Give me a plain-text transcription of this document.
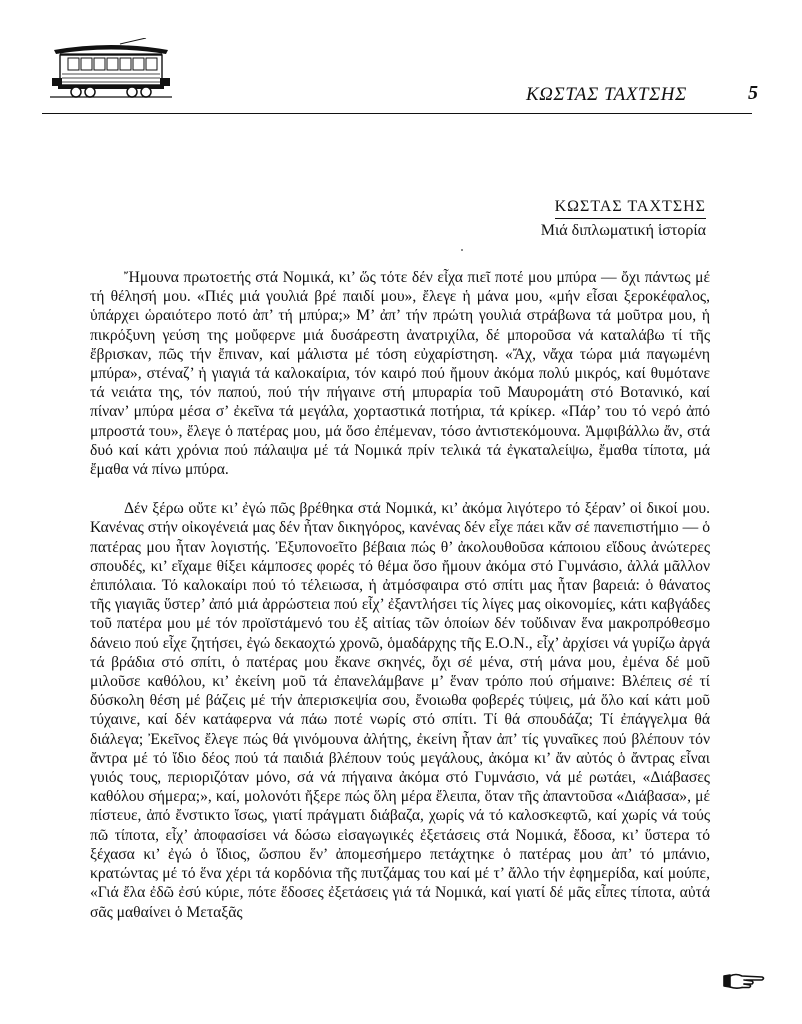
ΚΩΣΤΑΣ ΤΑΧΤΣΗΣ	5
ΚΩΣΤΑΣ ΤΑΧΤΣΗΣ
Μιά διπλωματική ἱστορία

Ἤμουνα πρωτοετής στά Νομικά, κι’ ὥς τότε δέν εἶχα πιεῖ ποτέ μου μπύρα — ὄχι πάντως μέ τή θέλησή μου. «Πιές μιά γουλιά βρέ παιδί μου», ἔλεγε ἡ μάνα μου, «μήν εἶσαι ξεροκέφαλος, ὑπάρχει ὡραιότερο ποτό ἀπ’ τή μπύρα;» Μ’ ἀπ’ τήν πρώτη γουλιά στράβωνα τά μοῦτρα μου, ἡ πικρόξυνη γεύση της μοὔφερνε μιά δυσάρεστη ἀνατριχίλα, δέ μποροῦσα νά καταλάβω τί τῆς ἔβρισκαν, πῶς τήν ἔπιναν, καί μάλιστα μέ τόση εὐχαρίστηση. «Ἄχ, νἄχα τώρα μιά παγωμένη μπύρα», στέναζ’ ἡ γιαγιά τά καλοκαίρια, τόν καιρό πού ἤμουν ἀκόμα πολύ μικρός, καί θυμότανε τά νειάτα της, τόν παπού, πού τήν πήγαινε στή μπυραρία τοῦ Μαυρομάτη στό Βοτανικό, καί πίναν’ μπύρα μέσα σ’ ἐκεῖνα τά μεγάλα, χορταστικά ποτήρια, τά κρίκερ. «Πάρ’ του τό νερό ἀπό μπροστά του», ἔλεγε ὁ πατέρας μου, μά ὅσο ἐπέμεναν, τόσο ἀντιστεκόμουνα. Ἀμφιβάλλω ἄν, στά δυό καί κάτι χρόνια πού πάλαιψα μέ τά Νομικά πρίν τελικά τά ἐγκαταλείψω, ἔμαθα τίποτα, μά ἔμαθα νά πίνω μπύρα.

Δέν ξέρω οὔτε κι’ ἐγώ πῶς βρέθηκα στά Νομικά, κι’ ἀκόμα λιγότερο τό ξέραν’ οἱ δικοί μου. Κανένας στήν οἰκογένειά μας δέν ἦταν δικηγόρος, κανένας δέν εἶχε πάει κἄν σέ πανεπιστήμιο — ὁ πατέρας μου ἦταν λογιστής. Ἐξυπονοεῖτο βέβαια πώς θ’ ἀκολουθοῦσα κάποιου εἴδους ἀνώτερες σπουδές, κι’ εἴχαμε θίξει κάμποσες φορές τό θέμα ὅσο ἤμουν ἀκόμα στό Γυμνάσιο, ἀλλά μᾶλλον ἐπιπόλαια. Τό καλοκαίρι πού τό τέλειωσα, ἡ ἀτμόσφαιρα στό σπίτι μας ἦταν βαρειά: ὁ θάνατος τῆς γιαγιᾶς ὕστερ’ ἀπό μιά ἀρρώστεια πού εἶχ’ ἐξαντλήσει τίς λίγες μας οἰκονομίες, κάτι καβγάδες τοῦ πατέρα μου μέ τόν προϊστάμενό του ἐξ αἰτίας τῶν ὁποίων δέν τοὔδιναν ἕνα μακροπρόθεσμο δάνειο πού εἶχε ζητήσει, ἐγώ δεκαοχτώ χρονῶ, ὁμαδάρχης τῆς Ε.Ο.Ν., εἶχ’ ἀρχίσει νά γυρίζω ἀργά τά βράδια στό σπίτι, ὁ πατέρας μου ἔκανε σκηνές, ὄχι σέ μένα, στή μάνα μου, ἐμένα δέ μοῦ μιλοῦσε καθόλου, κι’ ἐκείνη μοῦ τά ἐπανελάμβανε μ’ ἕναν τρόπο πού σήμαινε: Βλέπεις σέ τί δύσκολη θέση μέ βάζεις μέ τήν ἀπερισκεψία σου, ἔνοιωθα φοβερές τύψεις, μά ὅλο καί κάτι μοῦ τύχαινε, καί δέν κατάφερνα νά πάω ποτέ νωρίς στό σπίτι. Τί θά σπουδάζα; Τί ἐπάγγελμα θά διάλεγα; Ἐκεῖνος ἔλεγε πώς θά γινόμουνα ἀλήτης, ἐκείνη ἦταν ἀπ’ τίς γυναῖκες πού βλέπουν τόν ἄντρα μέ τό ἴδιο δέος πού τά παιδιά βλέπουν τούς μεγάλους, ἀκόμα κι’ ἄν αὐτός ὁ ἄντρας εἶναι γυιός τους, περιοριζόταν μόνο, σά νά πήγαινα ἀκόμα στό Γυμνάσιο, νά μέ ρωτάει, «Διάβασες καθόλου σήμερα;», καί, μολονότι ἤξερε πώς ὅλη μέρα ἔλειπα, ὅταν τῆς ἀπαντοῦσα «Διάβασα», μέ πίστευε, ἀπό ἔνστικτο ἴσως, γιατί πράγματι διάβαζα, χωρίς νά τό καλοσκεφτῶ, καί χωρίς νά τούς πῶ τίποτα, εἶχ’ ἀποφασίσει νά δώσω εἰσαγωγικές ἐξετάσεις στά Νομικά, ἔδοσα, κι’ ὕστερα τό ξέχασα κι’ ἐγώ ὁ ἴδιος, ὥσπου ἕν’ ἀπομεσήμερο πετάχτηκε ὁ πατέρας μου ἀπ’ τό μπάνιο, κρατώντας μέ τό ἕνα χέρι τά κορδόνια τῆς πυτζάμας του καί μέ τ’ ἄλλο τήν ἐφημερίδα, καί μούπε, «Γιά ἔλα ἐδῶ ἐσύ κύριε, πότε ἔδοσες ἐξετάσεις γιά τά Νομικά, καί γιατί δέ μᾶς εἶπες τίποτα, αὐτά σᾶς μαθαίνει ὁ Μεταξᾶς
